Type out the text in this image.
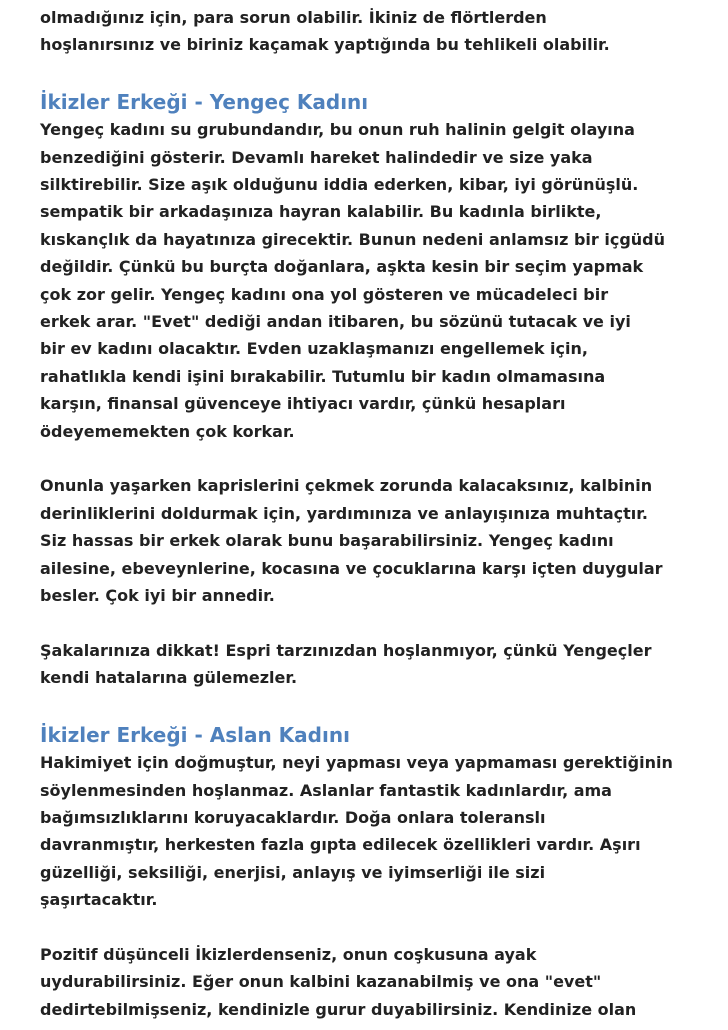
olmadığınız için, para sorun olabilir. İkiniz de flörtlerden
hoşlanırsınız ve biriniz kaçamak yaptığında bu tehlikeli olabilir.
İkizler Erkeği - Yengeç Kadını
Yengeç kadını su grubundandır, bu onun ruh halinin gelgit olayına
benzediğini gösterir. Devamlı hareket halindedir ve size yaka
silktirebilir. Size aşık olduğunu iddia ederken, kibar, iyi görünüşlü.
sempatik bir arkadaşınıza hayran kalabilir. Bu kadınla birlikte,
kıskançlık da hayatınıza girecektir. Bunun nedeni anlamsız bir içgüdü
değildir. Çünkü bu burçta doğanlara, aşkta kesin bir seçim yapmak
çok zor gelir. Yengeç kadını ona yol gösteren ve mücadeleci bir
erkek arar. "Evet" dediği andan itibaren, bu sözünü tutacak ve iyi
bir ev kadını olacaktır. Evden uzaklaşmanızı engellemek için,
rahatlıkla kendi işini bırakabilir. Tutumlu bir kadın olmamasına
karşın, finansal güvenceye ihtiyacı vardır, çünkü hesapları
ödeyememekten çok korkar.
Onunla yaşarken kaprislerini çekmek zorunda kalacaksınız, kalbinin
derinliklerini doldurmak için, yardımınıza ve anlayışınıza muhtaçtır.
Siz hassas bir erkek olarak bunu başarabilirsiniz. Yengeç kadını
ailesine, ebeveynlerine, kocasına ve çocuklarına karşı içten duygular
besler. Çok iyi bir annedir.
Şakalarınıza dikkat! Espri tarzınızdan hoşlanmıyor, çünkü Yengeçler
kendi hatalarına gülemezler.
İkizler Erkeği - Aslan Kadını
Hakimiyet için doğmuştur, neyi yapması veya yapmaması gerektiğinin
söylenmesinden hoşlanmaz. Aslanlar fantastik kadınlardır, ama
bağımsızlıklarını koruyacaklardır. Doğa onlara toleranslı
davranmıştır, herkesten fazla gıpta edilecek özellikleri vardır. Aşırı
güzelliği, seksiliği, enerjisi, anlayış ve iyimserliği ile sizi
şaşırtacaktır.
Pozitif düşünceli İkizlerdenseniz, onun coşkusuna ayak
uydurabilirsiniz. Eğer onun kalbini kazanabilmiş ve ona "evet"
dedirtebilmişseniz, kendinizle gurur duyabilirsiniz. Kendinize olan
